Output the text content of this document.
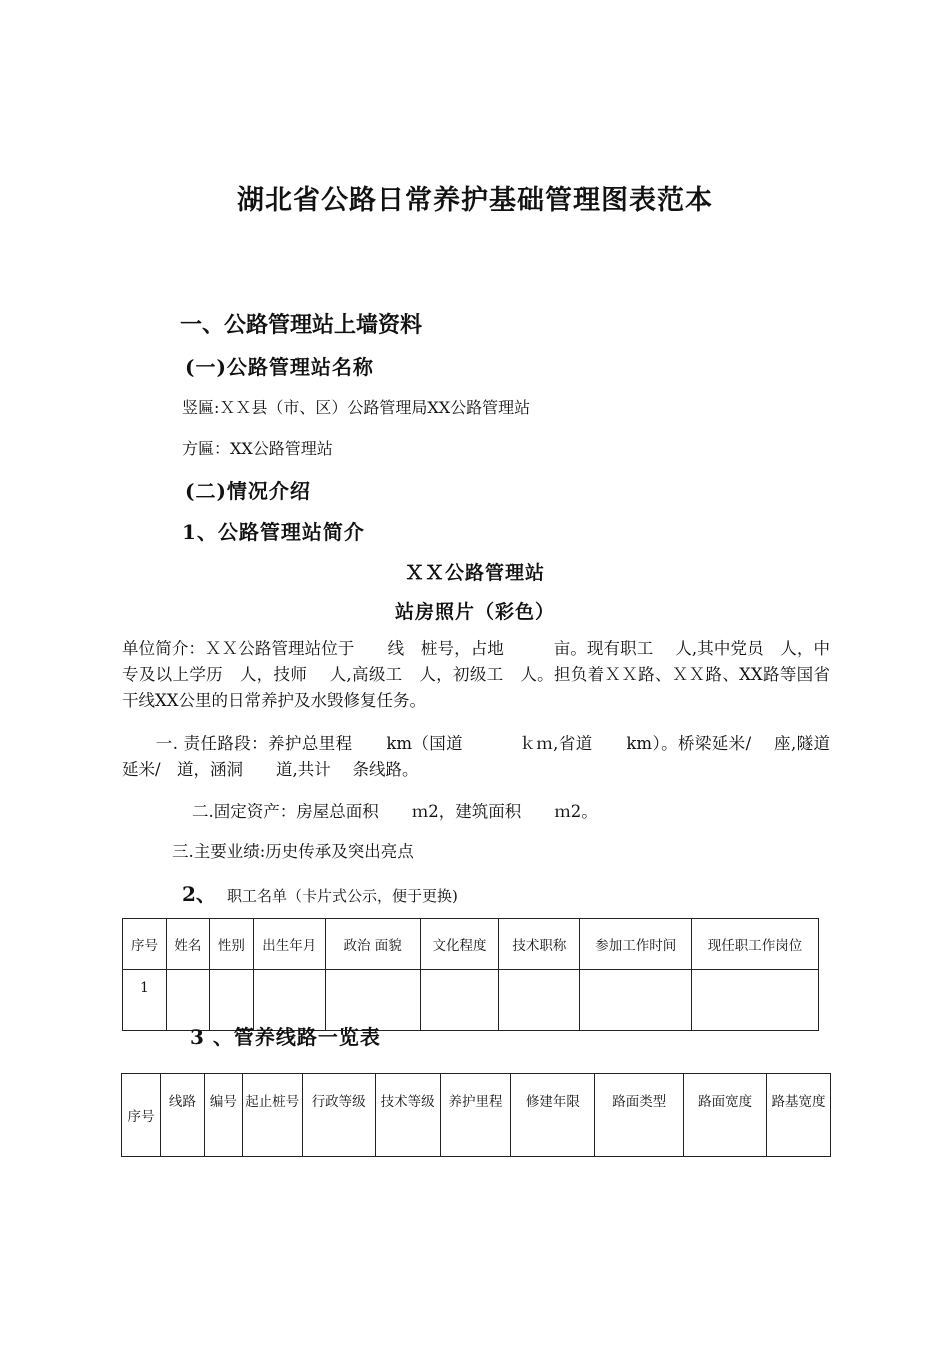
湖北省公路日常养护基础管理图表范本
一、公路管理站上墙资料
(一)公路管理站名称
竖匾:ＸＸ县（市、区）公路管理局XX公路管理站
方匾：XX公路管理站
(二)情况介绍
1、公路管理站简介
ＸＸ公路管理站
站房照片（彩色）
单位简介：ＸＸ公路管理站位于　　线　桩号，占地　　　亩。现有职工　 人,其中党员　人，中专及以上学历　人，技师　 人,高级工　人，初级工　人。担负着ＸＸ路、ＸＸ路、XX路等国省干线XX公里的日常养护及水毁修复任务。
　　一. 责任路段：养护总里程　　km（国道　　　 ｋｍ,省道　　km）。桥梁延米/　 座,隧道　 延米/　道，涵洞　　道,共计　 条线路。
二.固定资产：房屋总面积　　ｍ2，建筑面积　　ｍ2。
三.主要业绩:历史传承及突出亮点
2、 职工名单（卡片式公示，便于更换)
序号	姓名	性别	出生年月	政治 面貌	文化程度	技术职称	参加工作时间	现任职工作岗位
1								
3 、管养线路一览表
序号	线路	编号	起止桩号	行政等级	技术等级	养护里程	修建年限	路面类型	路面宽度	路基宽度
